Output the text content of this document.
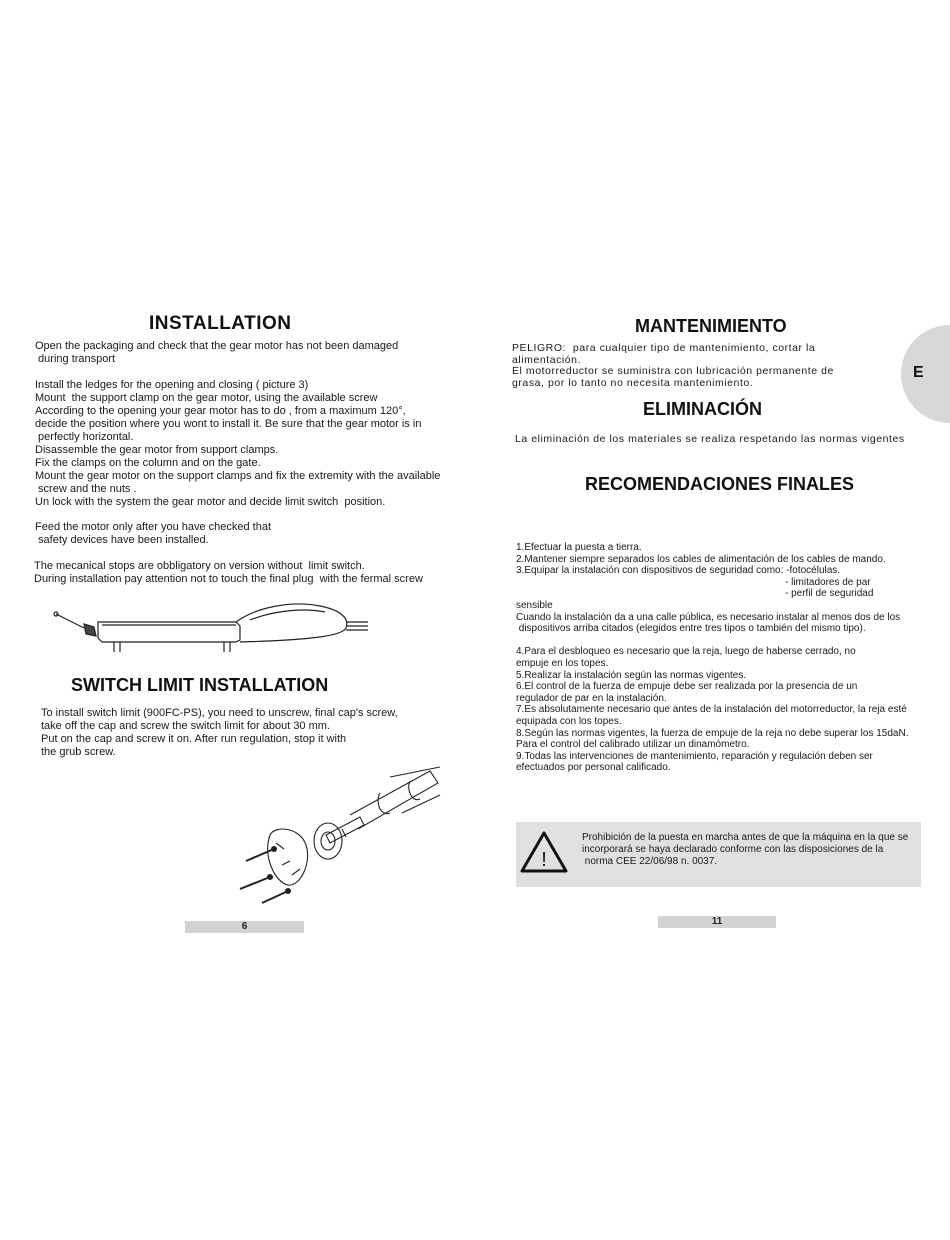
INSTALLATION
Open the packaging and check that the gear motor has not been damaged
during transport
Install the ledges for the opening and closing ( picture 3)
Mount  the support clamp on the gear motor, using the available screw
According to the opening your gear motor has to do , from a maximum 120°,
decide the position where you wont to install it. Be sure that the gear motor is in
perfectly horizontal.
Disassemble the gear motor from support clamps.
Fix the clamps on the column and on the gate.
Mount the gear motor on the support clamps and fix the extremity with the available
screw and the nuts .
Un lock with the system the gear motor and decide limit switch  position.
Feed the motor only after you have checked that
safety devices have been installed.
The mecanical stops are obbligatory on version without  limit switch.
During installation pay attention not to touch the final plug  with the fermal screw
SWITCH LIMIT INSTALLATION
To install switch limit (900FC-PS), you need to unscrew, final cap's screw,
take off the cap and screw the switch limit for about 30 mm.
Put on the cap and screw it on. After run regulation, stop it with
the grub screw.
6
E
MANTENIMIENTO
PELIGRO:  para cualquier tipo de mantenimiento, cortar la
alimentación.
El motorreductor se suministra con lubricación permanente de
grasa, por lo tanto no necesita mantenimiento.
ELIMINACIÓN
La eliminación de los materiales se realiza respetando las normas vigentes
RECOMENDACIONES FINALES
1.Efectuar la puesta a tierra.
2.Mantener siempre separados los cables de alimentación de los cables de mando.
3.Equipar la instalación con dispositivos de seguridad como: -fotocélulas.
- limitadores de par
- perfil de seguridad
sensible
Cuando la instalación da a una calle pública, es necesario instalar al menos dos de los
dispositivos arriba citados (elegidos entre tres tipos o también del mismo tipo).

4.Para el desbloqueo es necesario que la reja, luego de haberse cerrado, no
empuje en los topes.
5.Realizar la instalación según las normas vigentes.
6.El control de la fuerza de empuje debe ser realizada por la presencia de un
regulador de par en la instalación.
7.Es absolutamente necesario que antes de la instalación del motorreductor, la reja esté
equipada con los topes.
8.Según las normas vigentes, la fuerza de empuje de la reja no debe superar los 15daN.
Para el control del calibrado utilizar un dinamómetro.
9.Todas las intervenciones de mantenimiento, reparación y regulación deben ser
efectuados por personal calificado.
!
Prohibición de la puesta en marcha antes de que la máquina en la que se
incorporará se haya declarado conforme con las disposiciones de la
norma CEE 22/06/98 n. 0037.
11
